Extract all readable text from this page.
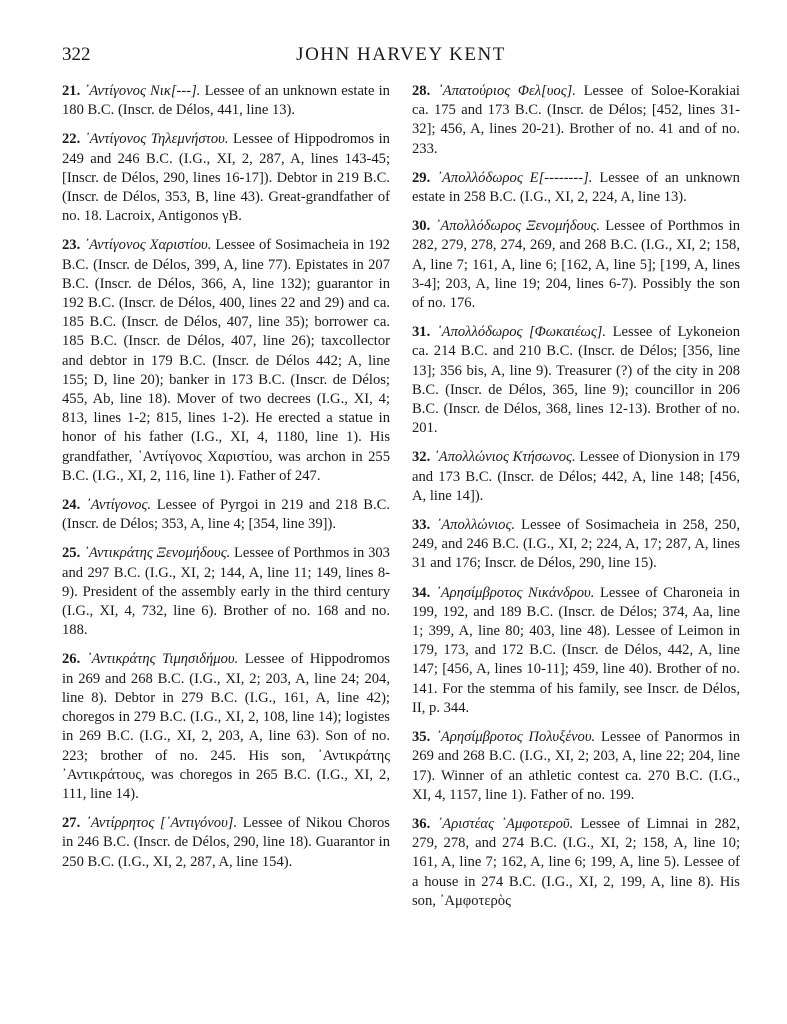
322	JOHN HARVEY KENT

21. ᾿Αντίγονος Νικ[---]. Lessee of an unknown estate in 180 B.C. (Inscr. de Délos, 441, line 13).

22. ᾿Αντίγονος Τηλεμνήστου. Lessee of Hippodromos in 249 and 246 B.C. (I.G., XI, 2, 287, A, lines 143-45; [Inscr. de Délos, 290, lines 16-17]). Debtor in 219 B.C. (Inscr. de Délos, 353, B, line 43). Great-grandfather of no. 18. Lacroix, Antigonos γB.

23. ᾿Αντίγονος Χαριστίου. Lessee of Sosimacheia in 192 B.C. (Inscr. de Délos, 399, A, line 77). Epistates in 207 B.C. (Inscr. de Délos, 366, A, line 132); guarantor in 192 B.C. (Inscr. de Délos, 400, lines 22 and 29) and ca. 185 B.C. (Inscr. de Délos, 407, line 35); borrower ca. 185 B.C. (Inscr. de Délos, 407, line 26); taxcollector and debtor in 179 B.C. (Inscr. de Délos 442; A, line 155; D, line 20); banker in 173 B.C. (Inscr. de Délos; 455, Ab, line 18). Mover of two decrees (I.G., XI, 4; 813, lines 1-2; 815, lines 1-2). He erected a statue in honor of his father (I.G., XI, 4, 1180, line 1). His grandfather, ᾿Αντίγονος Χαριστίου, was archon in 255 B.C. (I.G., XI, 2, 116, line 1). Father of 247.

24. ᾿Αντίγονος. Lessee of Pyrgoi in 219 and 218 B.C. (Inscr. de Délos; 353, A, line 4; [354, line 39]).

25. ᾿Αντικράτης Ξενομήδους. Lessee of Porthmos in 303 and 297 B.C. (I.G., XI, 2; 144, A, line 11; 149, lines 8-9). President of the assembly early in the third century (I.G., XI, 4, 732, line 6). Brother of no. 168 and no. 188.

26. ᾿Αντικράτης Τιμησιδήμου. Lessee of Hippodromos in 269 and 268 B.C. (I.G., XI, 2; 203, A, line 24; 204, line 8). Debtor in 279 B.C. (I.G., 161, A, line 42); choregos in 279 B.C. (I.G., XI, 2, 108, line 14); logistes in 269 B.C. (I.G., XI, 2, 203, A, line 63). Son of no. 223; brother of no. 245. His son, ᾿Αντικράτης ᾿Αντικράτους, was choregos in 265 B.C. (I.G., XI, 2, 111, line 14).

27. ᾿Αντίρρητος [᾿Αντιγόνου]. Lessee of Nikou Choros in 246 B.C. (Inscr. de Délos, 290, line 18). Guarantor in 250 B.C. (I.G., XI, 2, 287, A, line 154).

28. ᾿Απατούριος Φελ[υος]. Lessee of Soloe-Korakiai ca. 175 and 173 B.C. (Inscr. de Délos; [452, lines 31-32]; 456, A, lines 20-21). Brother of no. 41 and of no. 233.

29. ᾿Απολλόδωρος Ε[--------]. Lessee of an unknown estate in 258 B.C. (I.G., XI, 2, 224, A, line 13).

30. ᾿Απολλόδωρος Ξενομήδους. Lessee of Porthmos in 282, 279, 278, 274, 269, and 268 B.C. (I.G., XI, 2; 158, A, line 7; 161, A, line 6; [162, A, line 5]; [199, A, lines 3-4]; 203, A, line 19; 204, lines 6-7). Possibly the son of no. 176.

31. ᾿Απολλόδωρος [Φωκαιέως]. Lessee of Lykoneion ca. 214 B.C. and 210 B.C. (Inscr. de Délos; [356, line 13]; 356 bis, A, line 9). Treasurer (?) of the city in 208 B.C. (Inscr. de Délos, 365, line 9); councillor in 206 B.C. (Inscr. de Délos, 368, lines 12-13). Brother of no. 201.

32. ᾿Απολλώνιος Κτήσωνος. Lessee of Dionysion in 179 and 173 B.C. (Inscr. de Délos; 442, A, line 148; [456, A, line 14]).

33. ᾿Απολλώνιος. Lessee of Sosimacheia in 258, 250, 249, and 246 B.C. (I.G., XI, 2; 224, A, 17; 287, A, lines 31 and 176; Inscr. de Délos, 290, line 15).

34. ᾿Αρησίμβροτος Νικάνδρου. Lessee of Charoneia in 199, 192, and 189 B.C. (Inscr. de Délos; 374, Aa, line 1; 399, A, line 80; 403, line 48). Lessee of Leimon in 179, 173, and 172 B.C. (Inscr. de Délos, 442, A, line 147; [456, A, lines 10-11]; 459, line 40). Brother of no. 141. For the stemma of his family, see Inscr. de Délos, II, p. 344.

35. ᾿Αρησίμβροτος Πολυξένου. Lessee of Panormos in 269 and 268 B.C. (I.G., XI, 2; 203, A, line 22; 204, line 17). Winner of an athletic contest ca. 270 B.C. (I.G., XI, 4, 1157, line 1). Father of no. 199.

36. ᾿Αριστέας ᾿Αμφοτεροῦ. Lessee of Limnai in 282, 279, 278, and 274 B.C. (I.G., XI, 2; 158, A, line 10; 161, A, line 7; 162, A, line 6; 199, A, line 5). Lessee of a house in 274 B.C. (I.G., XI, 2, 199, A, line 8). His son, ᾿Αμφοτερὸς
